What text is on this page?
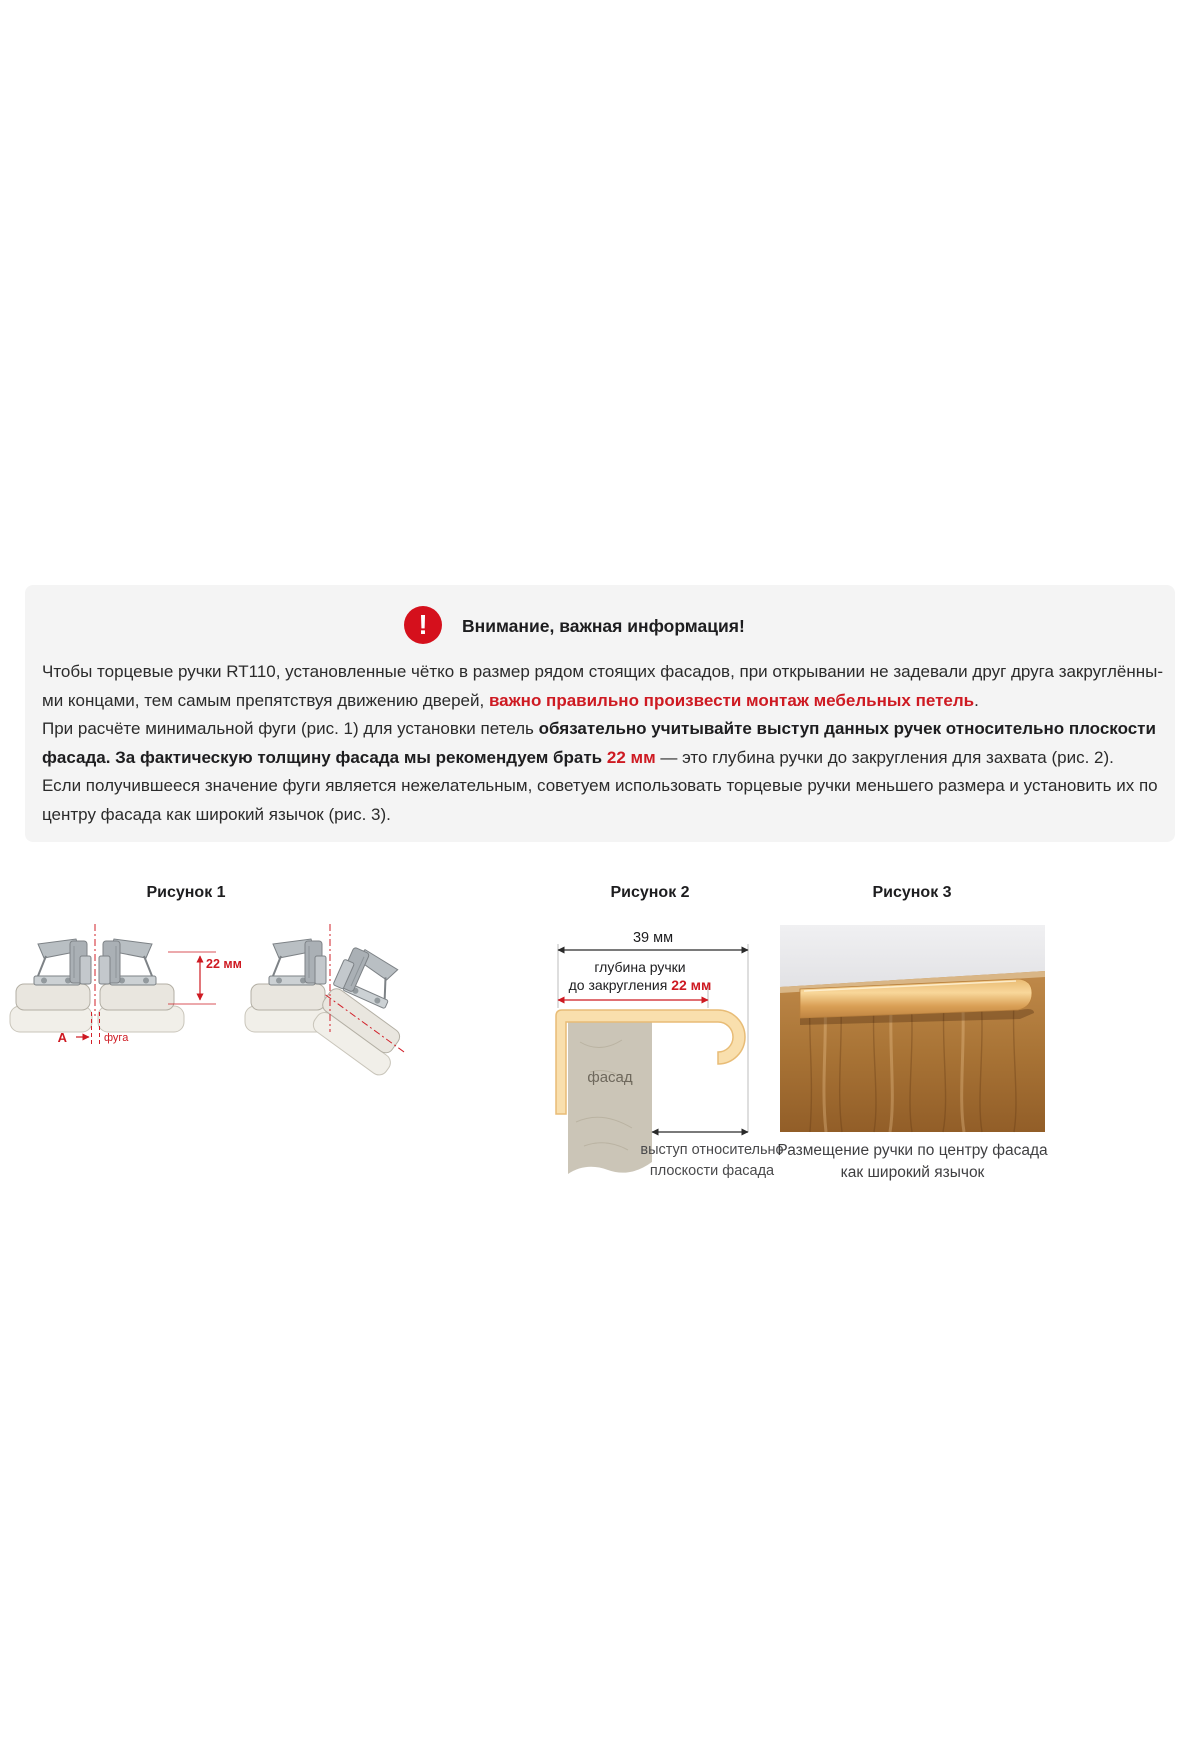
!	Внимание, важная информация!
Чтобы торцевые ручки RT110, установленные чётко в размер рядом стоящих фасадов, при открывании не задевали друг друга закруглённы-
ми концами, тем самым препятствуя движению дверей, важно правильно произвести монтаж мебельных петель.
При расчёте минимальной фуги (рис. 1) для установки петель обязательно учитывайте выступ данных ручек относительно плоскости
фасада. За фактическую толщину фасада мы рекомендуем брать 22 мм — это глубина ручки до закругления для захвата (рис. 2).
Если получившееся значение фуги является нежелательным, советуем использовать торцевые ручки меньшего размера и установить их по
центру фасада как широкий язычок (рис. 3).
Рисунок 1	Рисунок 2	Рисунок 3
А	фуга
22 мм
39 мм
глубина ручки
до закругления 22 мм
фасад
выступ относительно
плоскости фасада
Размещение ручки по центру фасада
как широкий язычок
